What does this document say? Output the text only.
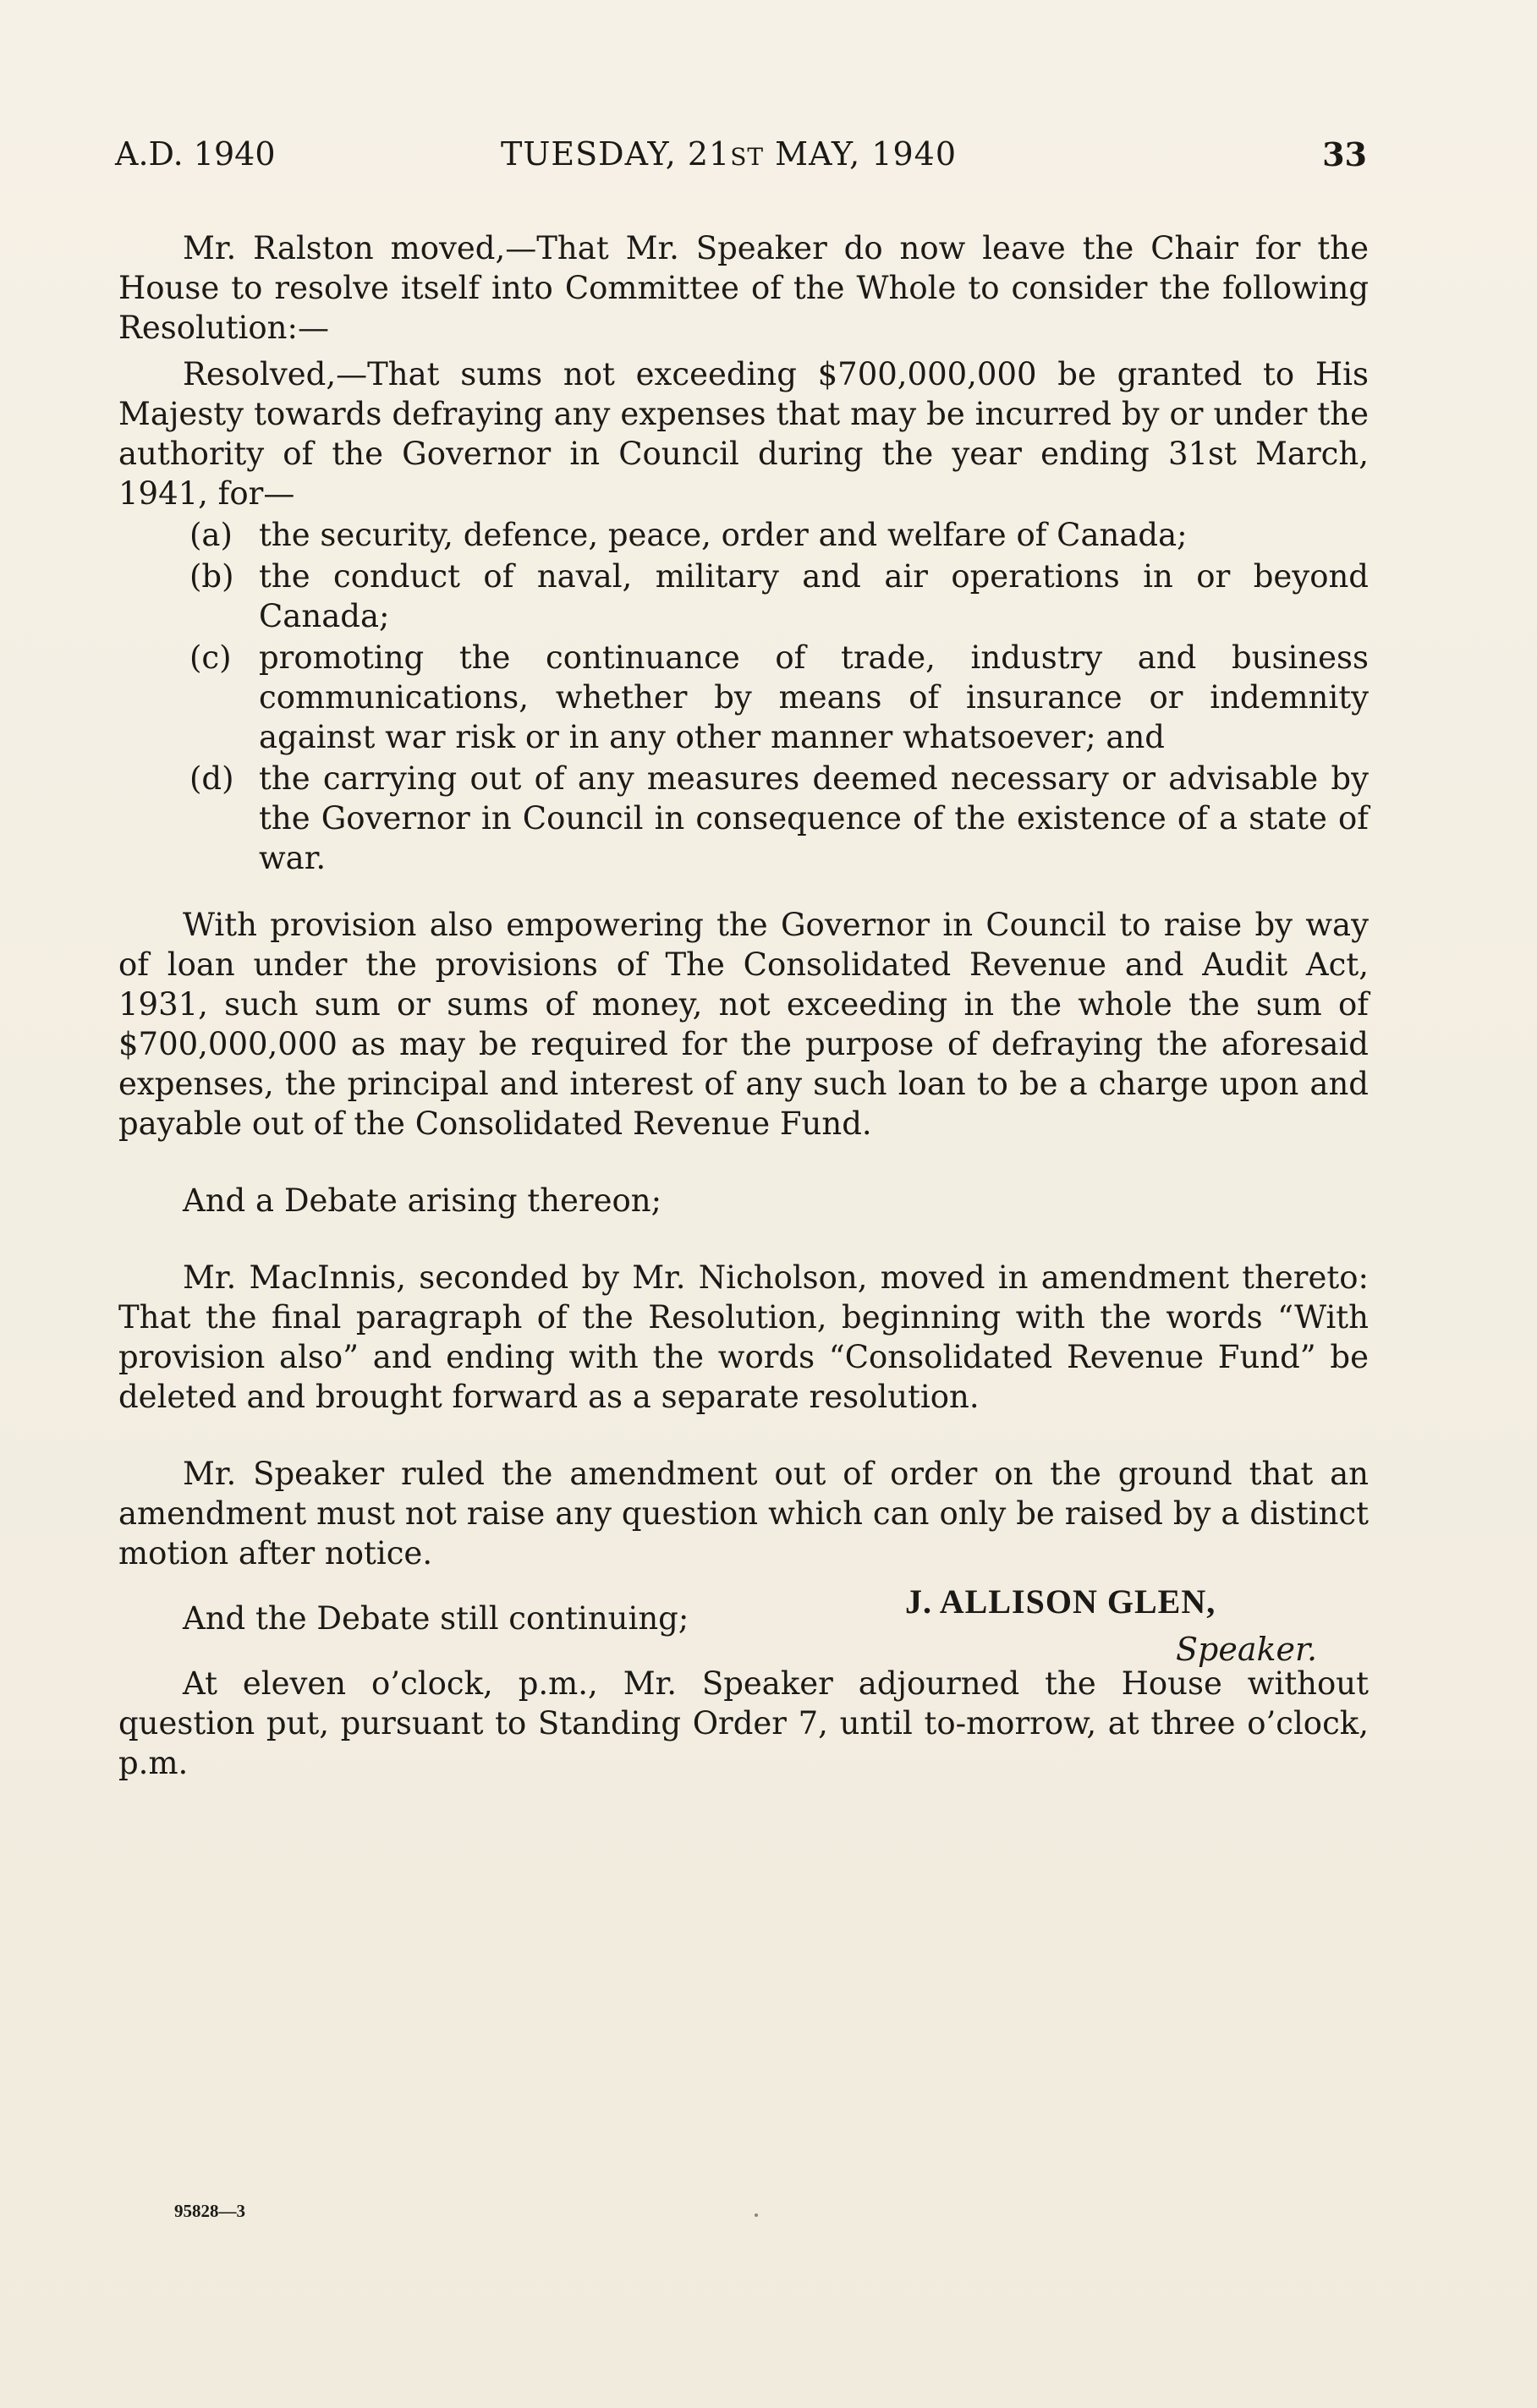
A.D. 1940	TUESDAY, 21ST MAY, 1940	33

Mr. Ralston moved,—That Mr. Speaker do now leave the Chair for the House to resolve itself into Committee of the Whole to consider the following Resolution:—

Resolved,—That sums not exceeding $700,000,000 be granted to His Majesty towards defraying any expenses that may be incurred by or under the authority of the Governor in Council during the year ending 31st March, 1941, for—

(a) the security, defence, peace, order and welfare of Canada;
(b) the conduct of naval, military and air operations in or beyond Canada;
(c) promoting the continuance of trade, industry and business communications, whether by means of insurance or indemnity against war risk or in any other manner whatsoever; and
(d) the carrying out of any measures deemed necessary or advisable by the Governor in Council in consequence of the existence of a state of war.

With provision also empowering the Governor in Council to raise by way of loan under the provisions of The Consolidated Revenue and Audit Act, 1931, such sum or sums of money, not exceeding in the whole the sum of $700,000,000 as may be required for the purpose of defraying the aforesaid expenses, the principal and interest of any such loan to be a charge upon and payable out of the Consolidated Revenue Fund.

And a Debate arising thereon;

Mr. MacInnis, seconded by Mr. Nicholson, moved in amendment thereto: That the final paragraph of the Resolution, beginning with the words “With provision also” and ending with the words “Consolidated Revenue Fund” be deleted and brought forward as a separate resolution.

Mr. Speaker ruled the amendment out of order on the ground that an amendment must not raise any question which can only be raised by a distinct motion after notice.

And the Debate still continuing;

At eleven o’clock, p.m., Mr. Speaker adjourned the House without question put, pursuant to Standing Order 7, until to-morrow, at three o’clock, p.m.

J. ALLISON GLEN,
Speaker.
95828—3
